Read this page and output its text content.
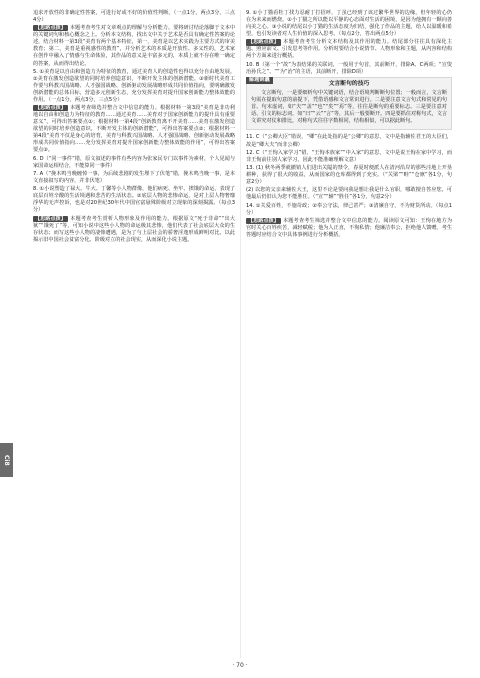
追求开放性的非确定性答案，可进行好或不好的价值性判断。（一点1分，两点3分，三点4分）
【思路点拨】 本题考查考生对文章观点的理解与分析能力。要将研讨结论落脚于文本中的关键词句和核心概念之上。分析本文结构，找出文中关于艺术是否具有确定性答案的论述，结合材料一第3段“美育有两个基本特征，第一，美育是以艺术实践为主要方式的审美教育；第二，美育是重视感性的教育”，并分析艺术的本质是开放性、多义性的，艺术家在创作中融入了情感与生命体验，其作品的意义是丰富多元的，本质上就不存在唯一确定的答案，从而得出结论。
5. ①美育是以自由和创造力为特征的教育，通过美育人的创造性也得以充分自由地发展。②美育在激发创造欲望的同时培养创造意识，不断开发主体的创新潜能。③新时代美育工作要与科教兴国战略、人才强国战略、创新驱动发展战略形成共同价值指向，要明确激发创新潜能的总体目标，营造多元创新生态，充分发挥美育对提升国家创新能力整体效能的作用。（一点1分，两点3分，三点5分）
【思路点拨】 本题考查筛选并整合文中信息的能力。根据材料一第3段“美育是非功利地以自由和创造力为特征的教育……通过美育……美育对于国家创新能力的提升具有重要意义”，可得出答案要点①；根据材料一第4段“创新教育离不开美育……美育在激发创造欲望的同时培养创造意识，不断开发主体的创新潜能”，可得出答案要点②；根据材料一第4段“美育不仅是身心的培育，美育与科教兴国战略、人才强国战略、创新驱动发展战略形成共同价值指向……充分发挥美育对提升国家创新能力整体效能的作用”，可得出答案要点③。
6. D（“同一事件”错，原文叙述的事件有些内容为张家民专门以事件为素材，个人见闻与家国命运相结合，不能算同一事件）
7. A（“挽木鸣当晚缠悼一事，为后续悲剧的发生埋下了伏笔”错，挽木鸣当晚一事，是本文直接叙写的内容，并非伏笔）
8. ①小说塑造了禄大、牛大、丁馨等小人物群像，他们病死、坐牢、挨饿的命运，表现了底层百姓辛酸的生活境遇和悲苦的生活状态。②底层人物的悲惨命运，是对上层人物奢靡浮华的无声控诉，也是对20世纪30年代中国官富悬殊阶级对立现象的深刻揭露。（每点3分）
【思路点拨】 本题考查考生赏析人物形象及作用的能力。根据原文“死于非命”“出大狱”“饿死了”等，可知小说中这些小人物的命运极其悲惨，他们代表了社会底层大众的生存状态；而写这些小人物的凄惨遭遇，是为了与上层社会的骄奢淫逸形成鲜明对比，以此揭示旧中国社会贫富分化、阶级对立的社会现实，从而深化小说主题。
9. ①小丁猫看牡丁找力忍耐丁打招呼，丁虽已经到了该过繁华世界的边缘，但年轻的心仍在为未来而燃烧。②小丁猫之所以能以平静的心态面对生活的困境，是因为他拥有一颗向善向美之心。③小说的结尾以小丁猫的生活态度为归结，强化了作品的主题，给人以温暖和希望，也引发读者对人生价值的深入思考。（每点2分，答出两点5分）
【思路点拨】 本题考查考生分析文本结构及其作用的能力。结尾部分往往具有深化主题、照应前文、引发思考等作用。分析时要结合小说情节、人物形象和主题，从内容和结构两个方面来进行概括。
10. B（第一个“故”为表结果的关联词，一般用于句首，其前断开，排除A、C两项；“宣叟治孙氏之”、“”为“治”的主语，其前断开，排除D项）
解题锦囊
文言断句的技巧
文言断句，一是要细析句中关键词语，结合语境判断断句位置；一般而言，文言断句需在提取句意的前提下，凭借语感和文言常识进行。二是要注意文言句式和常见的句首、句末虚词，如“夫”“盖”“也”“矣”“焉”等，往往是断句的重要标志。三是要注意对话、引文的标志词，如“曰”“云”“言”等，其后一般要断开。四是要抓住对称句式，文言文讲究对仗和排比，对称句式往往字数相同，结构相似，可以据此断句。
11. C（“公卿大臣”错误，“卿”在此处指的是“公卿”的意思，文中是指辅佐君王的大臣们，故是“卿大夫”而非公卿）
12. C（“王恂入家学习”错，“王恂本族家”“中入家”的意思，文中是说王恂在家中学习，而非王恂前往别人家学习，因此不能准确理解文意）
13. (1) 秋冬两季就撤销人们进出关隘的禁令，春夏时便派人在清河沿岸的那些洼地上开垦耕种，获得了很大的收益，从而国家的仓库都得到了充实。（“关梁”“畦”“仓廪”各1分，句意2分）
(2) 以您的父亲来辅佐大王，这里不论是要问我是想让我是什么官职，哪敢擅自答应您，可他最后仍旧认为您不能胜任。（“宣”“辅”“胜任”各1分，句意2分）
14. ①关爱百姓，不施苛政；②奉公守法，律己甚严；③清廉自守，不为财货所动。（每点1分）
【思路点拨】 本题考查考生筛选并整合文中信息的能力。阅读原文可知：王恂在地方为官时关心百姓疾苦，减轻赋税；他为人正直，不徇私情；他廉洁奉公，拒绝他人馈赠。考生答题时应结合文中具体事例进行分析概括。
Ci8
· 70 ·
